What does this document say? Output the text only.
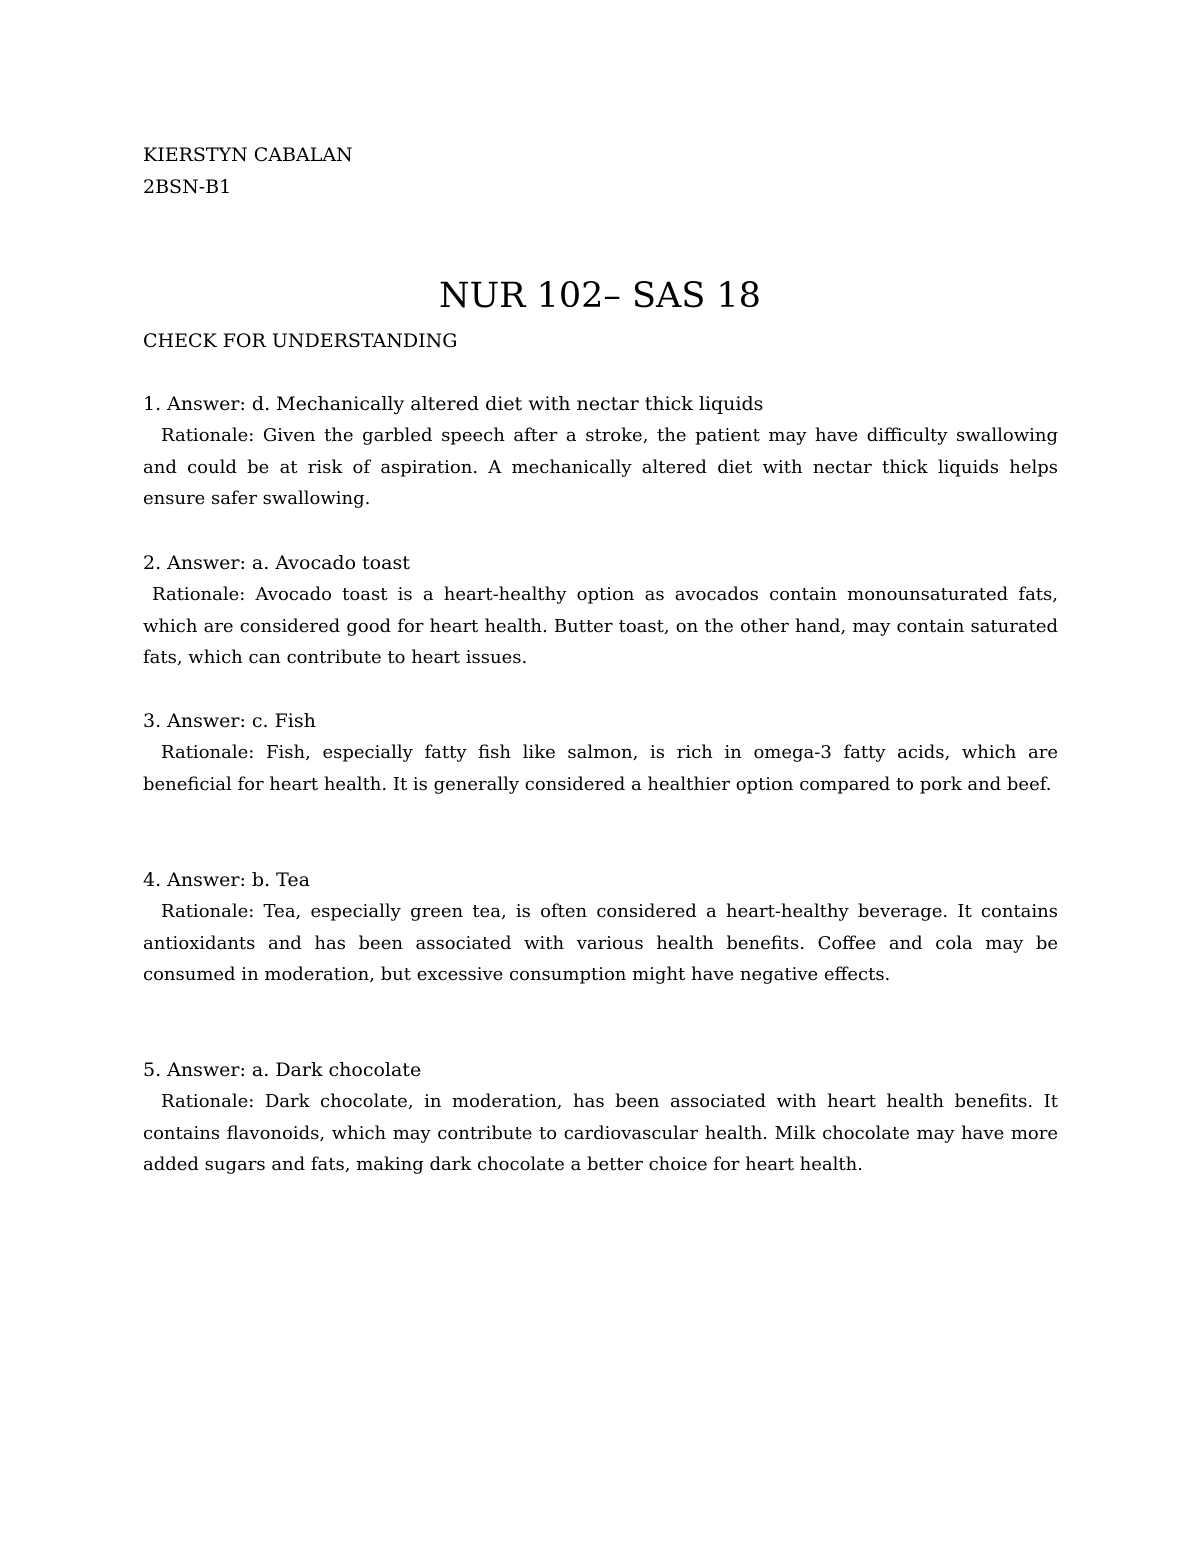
KIERSTYN CABALAN
2BSN-B1
NUR 102– SAS 18
CHECK FOR UNDERSTANDING
1. Answer: d. Mechanically altered diet with nectar thick liquids

 Rationale: Given the garbled speech after a stroke, the patient may have difficulty swallowing and could be at risk of aspiration. A mechanically altered diet with nectar thick liquids helps ensure safer swallowing.

2. Answer: a. Avocado toast

 Rationale: Avocado toast is a heart-healthy option as avocados contain monounsaturated fats, which are considered good for heart health. Butter toast, on the other hand, may contain saturated fats, which can contribute to heart issues.

3. Answer: c. Fish

 Rationale: Fish, especially fatty fish like salmon, is rich in omega-3 fatty acids, which are beneficial for heart health. It is generally considered a healthier option compared to pork and beef.

4. Answer: b. Tea

 Rationale: Tea, especially green tea, is often considered a heart-healthy beverage. It contains antioxidants and has been associated with various health benefits. Coffee and cola may be consumed in moderation, but excessive consumption might have negative effects.

5. Answer: a. Dark chocolate

 Rationale: Dark chocolate, in moderation, has been associated with heart health benefits. It contains flavonoids, which may contribute to cardiovascular health. Milk chocolate may have more added sugars and fats, making dark chocolate a better choice for heart health.
